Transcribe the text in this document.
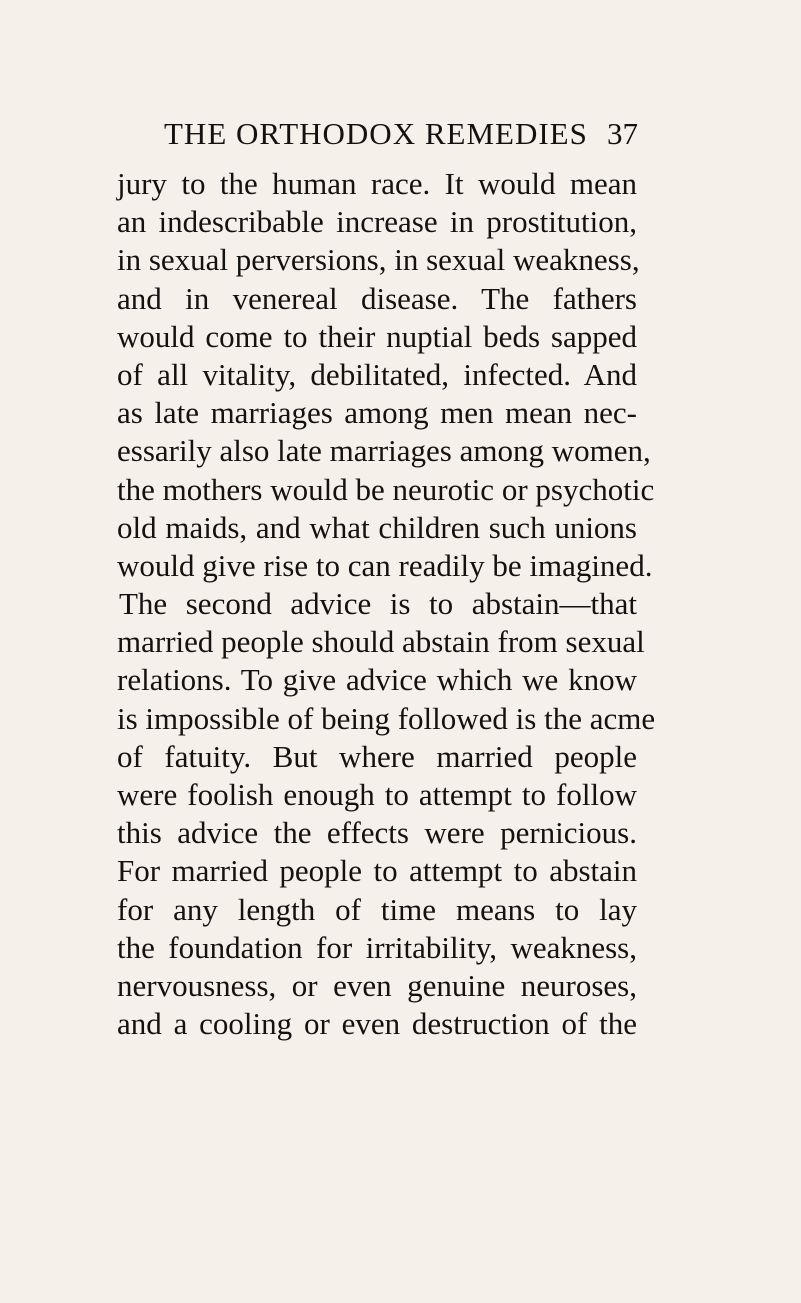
THE ORTHODOX REMEDIES 37
jury to the human race. It would mean
an indescribable increase in prostitution,
in sexual perversions, in sexual weakness,
and in venereal disease. The fathers
would come to their nuptial beds sapped
of all vitality, debilitated, infected. And
as late marriages among men mean nec-
essarily also late marriages among women,
the mothers would be neurotic or psychotic
old maids, and what children such unions
would give rise to can readily be imagined.
The second advice is to abstain—that
married people should abstain from sexual
relations. To give advice which we know
is impossible of being followed is the acme
of fatuity. But where married people
were foolish enough to attempt to follow
this advice the effects were pernicious.
For married people to attempt to abstain
for any length of time means to lay
the foundation for irritability, weakness,
nervousness, or even genuine neuroses,
and a cooling or even destruction of the
